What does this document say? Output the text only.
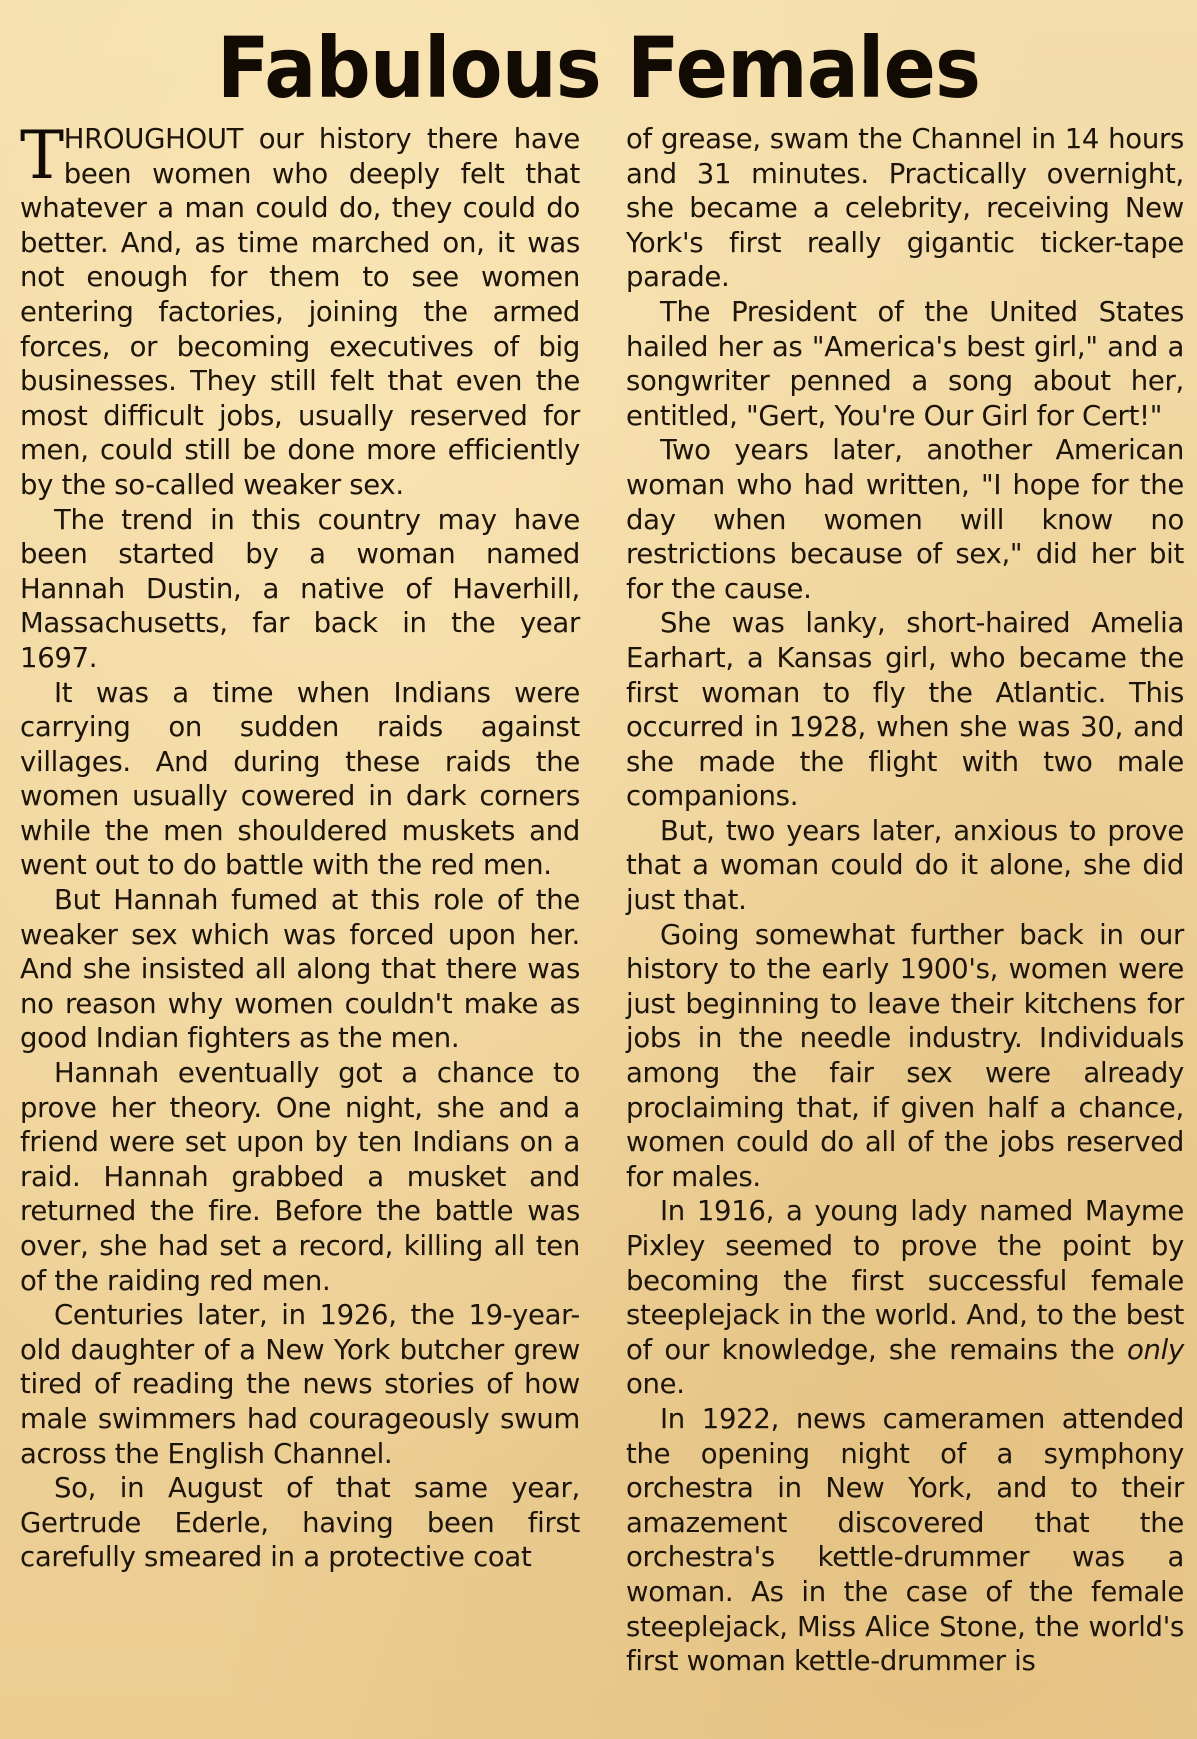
Fabulous Females

THROUGHOUT our history there have been women who deeply felt that whatever a man could do, they could do better. And, as time marched on, it was not enough for them to see women entering factories, joining the armed forces, or becoming executives of big businesses. They still felt that even the most difficult jobs, usually reserved for men, could still be done more efficiently by the so-called weaker sex.

The trend in this country may have been started by a woman named Hannah Dustin, a native of Haverhill, Massachusetts, far back in the year 1697.

It was a time when Indians were carrying on sudden raids against villages. And during these raids the women usually cowered in dark corners while the men shouldered muskets and went out to do battle with the red men.

But Hannah fumed at this role of the weaker sex which was forced upon her. And she insisted all along that there was no reason why women couldn't make as good Indian fighters as the men.

Hannah eventually got a chance to prove her theory. One night, she and a friend were set upon by ten Indians on a raid. Hannah grabbed a musket and returned the fire. Before the battle was over, she had set a record, killing all ten of the raiding red men.

Centuries later, in 1926, the 19-year-old daughter of a New York butcher grew tired of reading the news stories of how male swimmers had courageously swum across the English Channel.

So, in August of that same year, Gertrude Ederle, having been first carefully smeared in a protective coat

of grease, swam the Channel in 14 hours and 31 minutes. Practically overnight, she became a celebrity, receiving New York's first really gigantic ticker-tape parade.

The President of the United States hailed her as "America's best girl," and a songwriter penned a song about her, entitled, "Gert, You're Our Girl for Cert!"

Two years later, another American woman who had written, "I hope for the day when women will know no restrictions because of sex," did her bit for the cause.

She was lanky, short-haired Amelia Earhart, a Kansas girl, who became the first woman to fly the Atlantic. This occurred in 1928, when she was 30, and she made the flight with two male companions.

But, two years later, anxious to prove that a woman could do it alone, she did just that.

Going somewhat further back in our history to the early 1900's, women were just beginning to leave their kitchens for jobs in the needle industry. Individuals among the fair sex were already proclaiming that, if given half a chance, women could do all of the jobs reserved for males.

In 1916, a young lady named Mayme Pixley seemed to prove the point by becoming the first successful female steeplejack in the world. And, to the best of our knowledge, she remains the only one.

In 1922, news cameramen attended the opening night of a symphony orchestra in New York, and to their amazement discovered that the orchestra's kettle-drummer was a woman. As in the case of the female steeplejack, Miss Alice Stone, the world's first woman kettle-drummer is
